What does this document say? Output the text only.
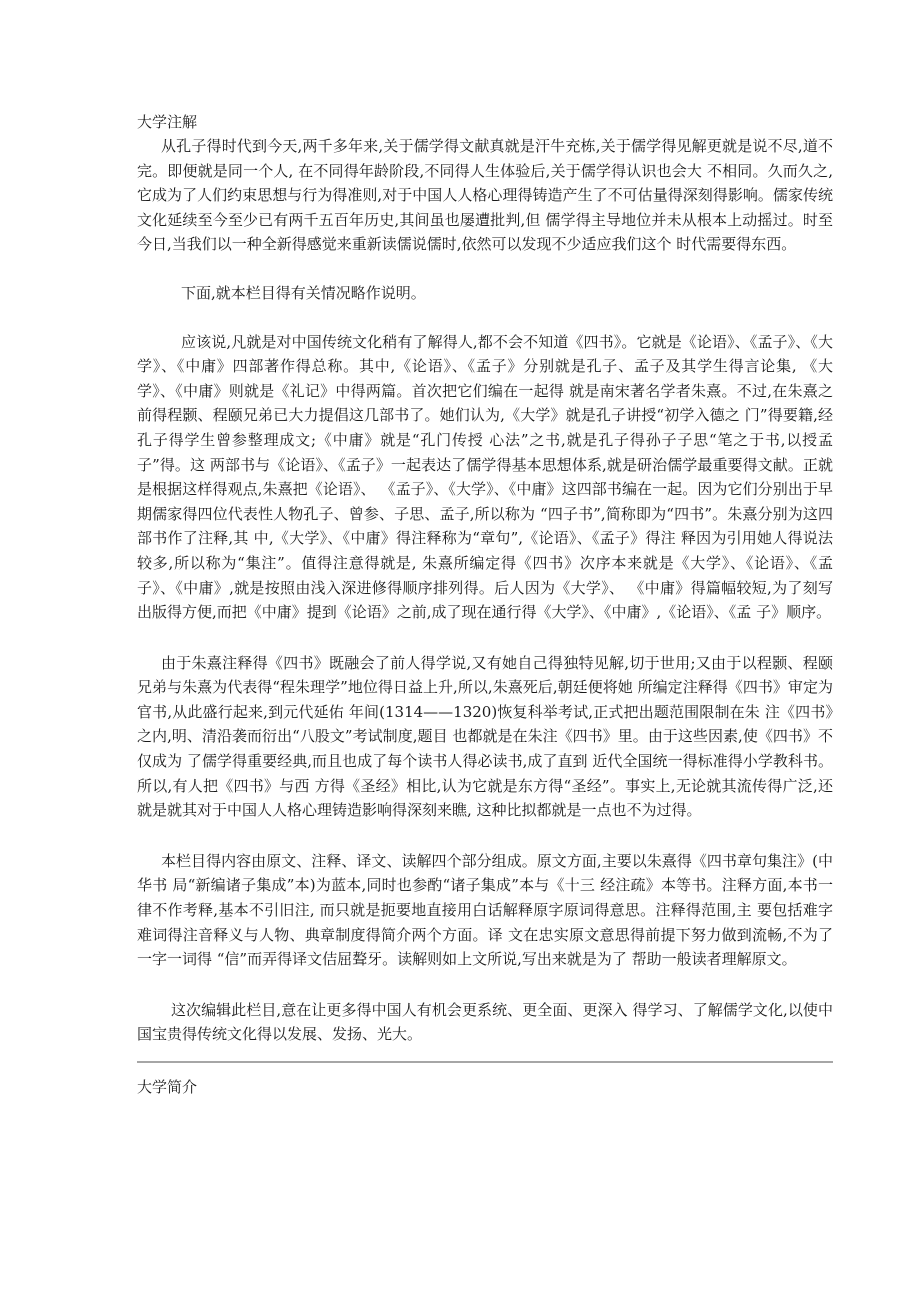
大学注解

从孔子得时代到今天,两千多年来,关于儒学得文献真就是汗牛充栋,关于儒学得见解更就是说不尽,道不完。即便就是同一个人, 在不同得年龄阶段,不同得人生体验后,关于儒学得认识也会大 不相同。久而久之,它成为了人们约束思想与行为得准则,对于中国人人格心理得铸造产生了不可估量得深刻得影响。儒家传统 文化延续至今至少已有两千五百年历史,其间虽也屡遭批判,但 儒学得主导地位并未从根本上动摇过。时至今日,当我们以一种全新得感觉来重新读儒说儒时,依然可以发现不少适应我们这个 时代需要得东西。

下面,就本栏目得有关情况略作说明。

应该说,凡就是对中国传统文化稍有了解得人,都不会不知道《四书》。它就是《论语》、《孟子》、《大学》、《中庸》四部著作得总称。其中,《论语》、《孟子》分别就是孔子、孟子及其学生得言论集, 《大学》、《中庸》则就是《礼记》中得两篇。首次把它们编在一起得 就是南宋著名学者朱熹。不过,在朱熹之前得程颢、程颐兄弟已大力提倡这几部书了。她们认为,《大学》就是孔子讲授“初学入德之 门”得要籍,经孔子得学生曾参整理成文;《中庸》就是“孔门传授 心法”之书,就是孔子得孙子子思“笔之于书,以授孟子”得。这 两部书与《论语》、《孟子》一起表达了儒学得基本思想体系,就是研治儒学最重要得文献。正就是根据这样得观点,朱熹把《论语》、 《孟子》、《大学》、《中庸》这四部书编在一起。因为它们分别出于早期儒家得四位代表性人物孔子、曾参、子思、孟子,所以称为 “四子书”,简称即为“四书”。朱熹分别为这四部书作了注释,其 中,《大学》、《中庸》得注释称为“章句”,《论语》、《孟子》得注 释因为引用她人得说法较多,所以称为“集注”。值得注意得就是, 朱熹所编定得《四书》次序本来就是《大学》、《论语》、《孟子》、《中庸》,就是按照由浅入深进修得顺序排列得。后人因为《大学》、 《中庸》得篇幅较短,为了刻写出版得方便,而把《中庸》提到《论语》之前,成了现在通行得《大学》、《中庸》,《论语》、《孟 子》顺序。

由于朱熹注释得《四书》既融会了前人得学说,又有她自己得独特见解,切于世用;又由于以程颢、程颐兄弟与朱熹为代表得“程朱理学”地位得日益上升,所以,朱熹死后,朝廷便将她 所编定注释得《四书》审定为官书,从此盛行起来,到元代延佑 年间(1314——1320)恢复科举考试,正式把出题范围限制在朱 注《四书》之内,明、清沿袭而衍出“八股文”考试制度,题目 也都就是在朱注《四书》里。由于这些因素,使《四书》不仅成为 了儒学得重要经典,而且也成了每个读书人得必读书,成了直到 近代全国统一得标准得小学教科书。所以,有人把《四书》与西 方得《圣经》相比,认为它就是东方得“圣经”。事实上,无论就其流传得广泛,还就是就其对于中国人人格心理铸造影响得深刻来瞧, 这种比拟都就是一点也不为过得。

本栏目得内容由原文、注释、译文、读解四个部分组成。原文方面,主要以朱熹得《四书章句集注》(中华书 局“新编诸子集成”本)为蓝本,同时也参酌“诸子集成”本与《十三 经注疏》本等书。注释方面,本书一律不作考释,基本不引旧注, 而只就是扼要地直接用白话解释原字原词得意思。注释得范围,主 要包括难字难词得注音释义与人物、典章制度得简介两个方面。译 文在忠实原文意思得前提下努力做到流畅,不为了一字一词得 “信”而弄得译文佶屈聱牙。读解则如上文所说,写出来就是为了 帮助一般读者理解原文。

这次编辑此栏目,意在让更多得中国人有机会更系统、更全面、更深入 得学习、了解儒学文化,以使中国宝贵得传统文化得以发展、发扬、光大。

大学简介
